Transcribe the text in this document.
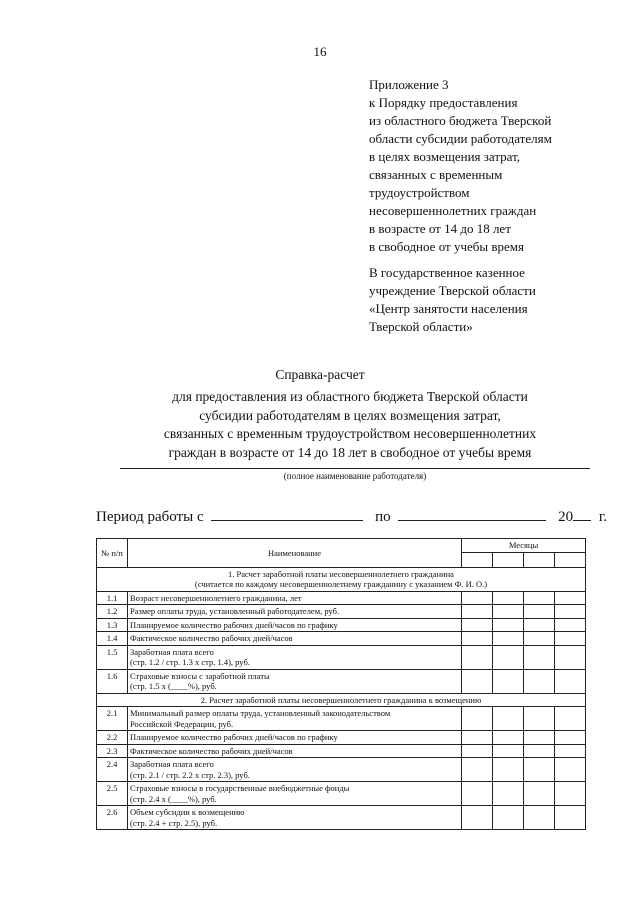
16
Приложение 3
к Порядку предоставления
из областного бюджета Тверской
области субсидии работодателям
в целях возмещения затрат,
связанных с временным
трудоустройством
несовершеннолетних граждан
в возрасте от 14 до 18 лет
в свободное от учебы время
В государственное казенное
учреждение Тверской области
«Центр занятости населения
Тверской области»
Справка-расчет
для предоставления из областного бюджета Тверской области
субсидии работодателям в целях возмещения затрат,
связанных с временным трудоустройством несовершеннолетних
граждан в возрасте от 14 до 18 лет в свободное от учебы время
(полное наименование работодателя)
Период работы с	по	20 г.
№ п/п	Наименование	Месяцы			

1. Расчет заработной платы несовершеннолетнего гражданина
(считается по каждому несовершеннолетнему гражданину с указанием Ф. И. О.)					

1.1	Возраст несовершеннолетнего гражданина, лет				

1.2	Размер оплаты труда, установленный работодателем, руб.				

1.3	Планируемое количество рабочих дней/часов по графику				

1.4	Фактическое количество рабочих дней/часов				

1.5	Заработная плата всего
(стр. 1.2 / стр. 1.3 x стр. 1.4), руб.				

1.6	Страховые взносы с заработной платы
(стр. 1.5 x (____%), руб.				

2. Расчет заработной платы несовершеннолетнего гражданина к возмещению					

2.1	Минимальный размер оплаты труда, установленный законодательством
Российской Федерации, руб.				

2.2	Планируемое количество рабочих дней/часов по графику				

2.3	Фактическое количество рабочих дней/часов				

2.4	Заработная плата всего
(стр. 2.1 / стр. 2.2 x стр. 2.3), руб.				

2.5	Страховые взносы в государственные внебюджетные фонды
(стр. 2.4 x (____%), руб.				

2.6	Объем субсидии к возмещению
(стр. 2.4 + стр. 2.5), руб.				
